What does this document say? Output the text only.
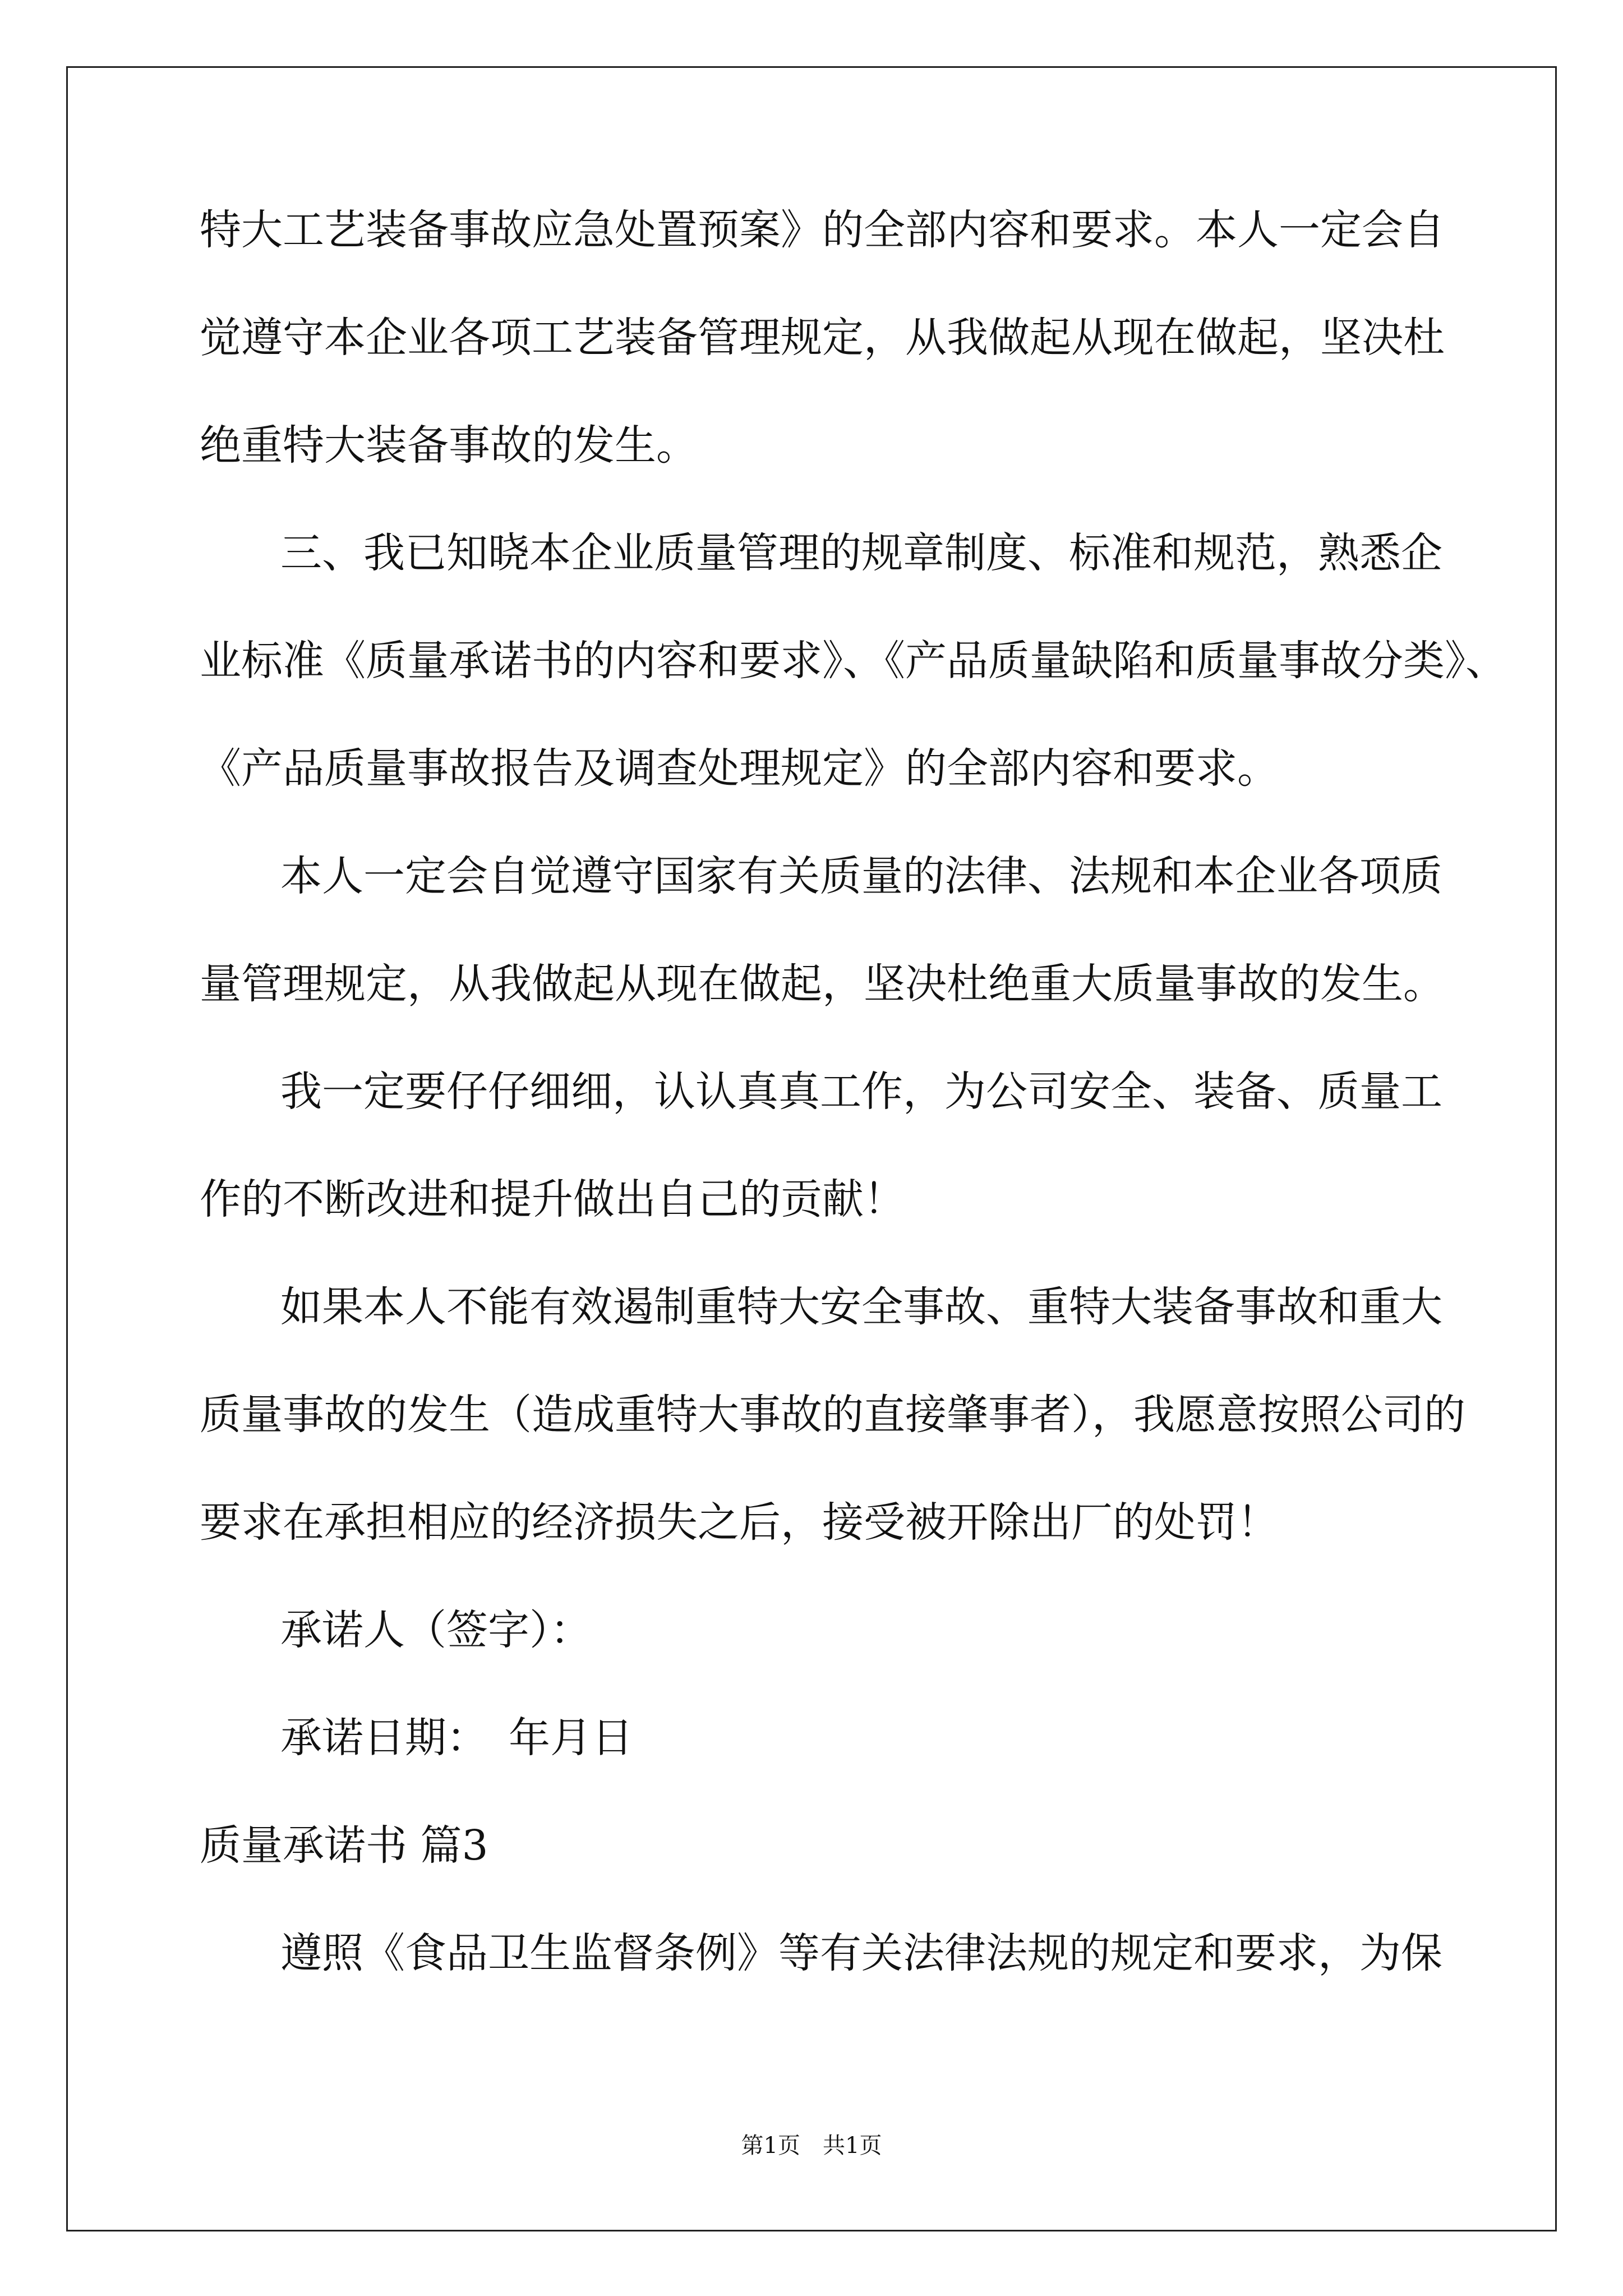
特大工艺装备事故应急处置预案》的全部内容和要求。本人一定会自
觉遵守本企业各项工艺装备管理规定，从我做起从现在做起，坚决杜
绝重特大装备事故的发生。
三、我已知晓本企业质量管理的规章制度、标准和规范，熟悉企
业标准《质量承诺书的内容和要求》、《产品质量缺陷和质量事故分类》、
《产品质量事故报告及调查处理规定》的全部内容和要求。
本人一定会自觉遵守国家有关质量的法律、法规和本企业各项质
量管理规定，从我做起从现在做起，坚决杜绝重大质量事故的发生。
我一定要仔仔细细，认认真真工作，为公司安全、装备、质量工
作的不断改进和提升做出自己的贡献！
如果本人不能有效遏制重特大安全事故、重特大装备事故和重大
质量事故的发生（造成重特大事故的直接肇事者），我愿意按照公司的
要求在承担相应的经济损失之后，接受被开除出厂的处罚！
承诺人（签字）：
承诺日期：　年月日
质量承诺书 篇3
遵照《食品卫生监督条例》等有关法律法规的规定和要求，为保
第1页　共1页
